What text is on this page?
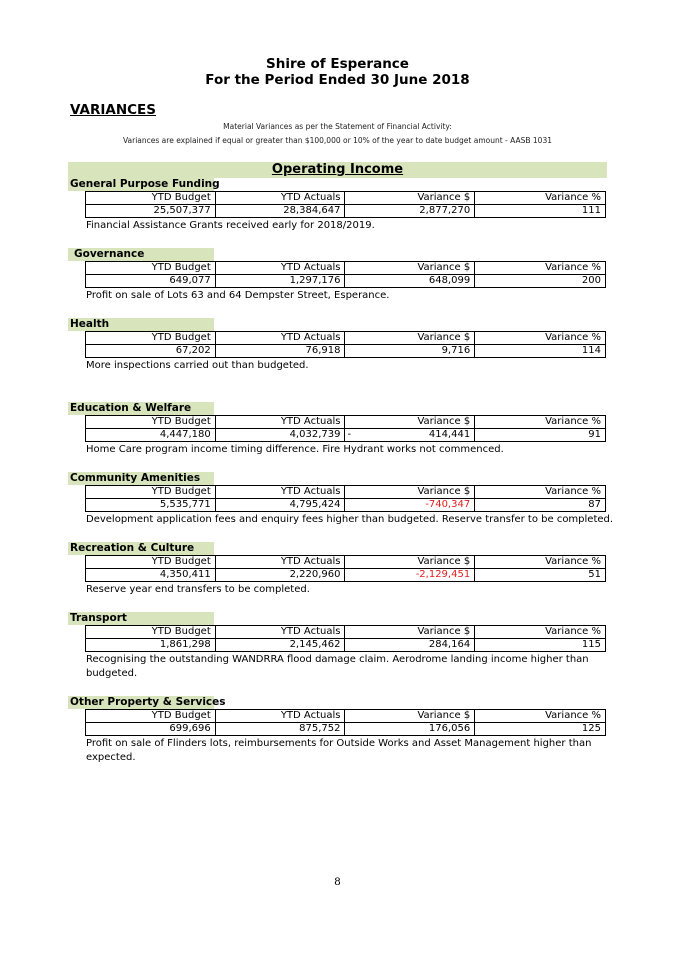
Shire of Esperance
For the Period Ended 30 June 2018
VARIANCES
Material Variances as per the Statement of Financial Activity:
Variances are explained if equal or greater than $100,000 or 10% of the year to date budget amount - AASB 1031
Operating Income
General Purpose Funding
YTD Budget	YTD Actuals	Variance $	Variance %
25,507,377	28,384,647	2,877,270	111
Financial Assistance Grants received early for 2018/2019.
Governance
YTD Budget	YTD Actuals	Variance $	Variance %
649,077	1,297,176	648,099	200
Profit on sale of Lots 63 and 64 Dempster Street, Esperance.
Health
YTD Budget	YTD Actuals	Variance $	Variance %
67,202	76,918	9,716	114
More inspections carried out than budgeted.
Education & Welfare
YTD Budget	YTD Actuals	Variance $	Variance %
4,447,180	4,032,739	- 414,441	91
Home Care program income timing difference. Fire Hydrant works not commenced.
Community Amenities
YTD Budget	YTD Actuals	Variance $	Variance %
5,535,771	4,795,424	-740,347	87
Development application fees and enquiry fees higher than budgeted. Reserve transfer to be completed.
Recreation & Culture
YTD Budget	YTD Actuals	Variance $	Variance %
4,350,411	2,220,960	-2,129,451	51
Reserve year end transfers to be completed.
Transport
YTD Budget	YTD Actuals	Variance $	Variance %
1,861,298	2,145,462	284,164	115
Recognising the outstanding WANDRRA flood damage claim. Aerodrome landing income higher than budgeted.
Other Property & Services
YTD Budget	YTD Actuals	Variance $	Variance %
699,696	875,752	176,056	125
Profit on sale of Flinders lots, reimbursements for Outside Works and Asset Management higher than expected.
8
